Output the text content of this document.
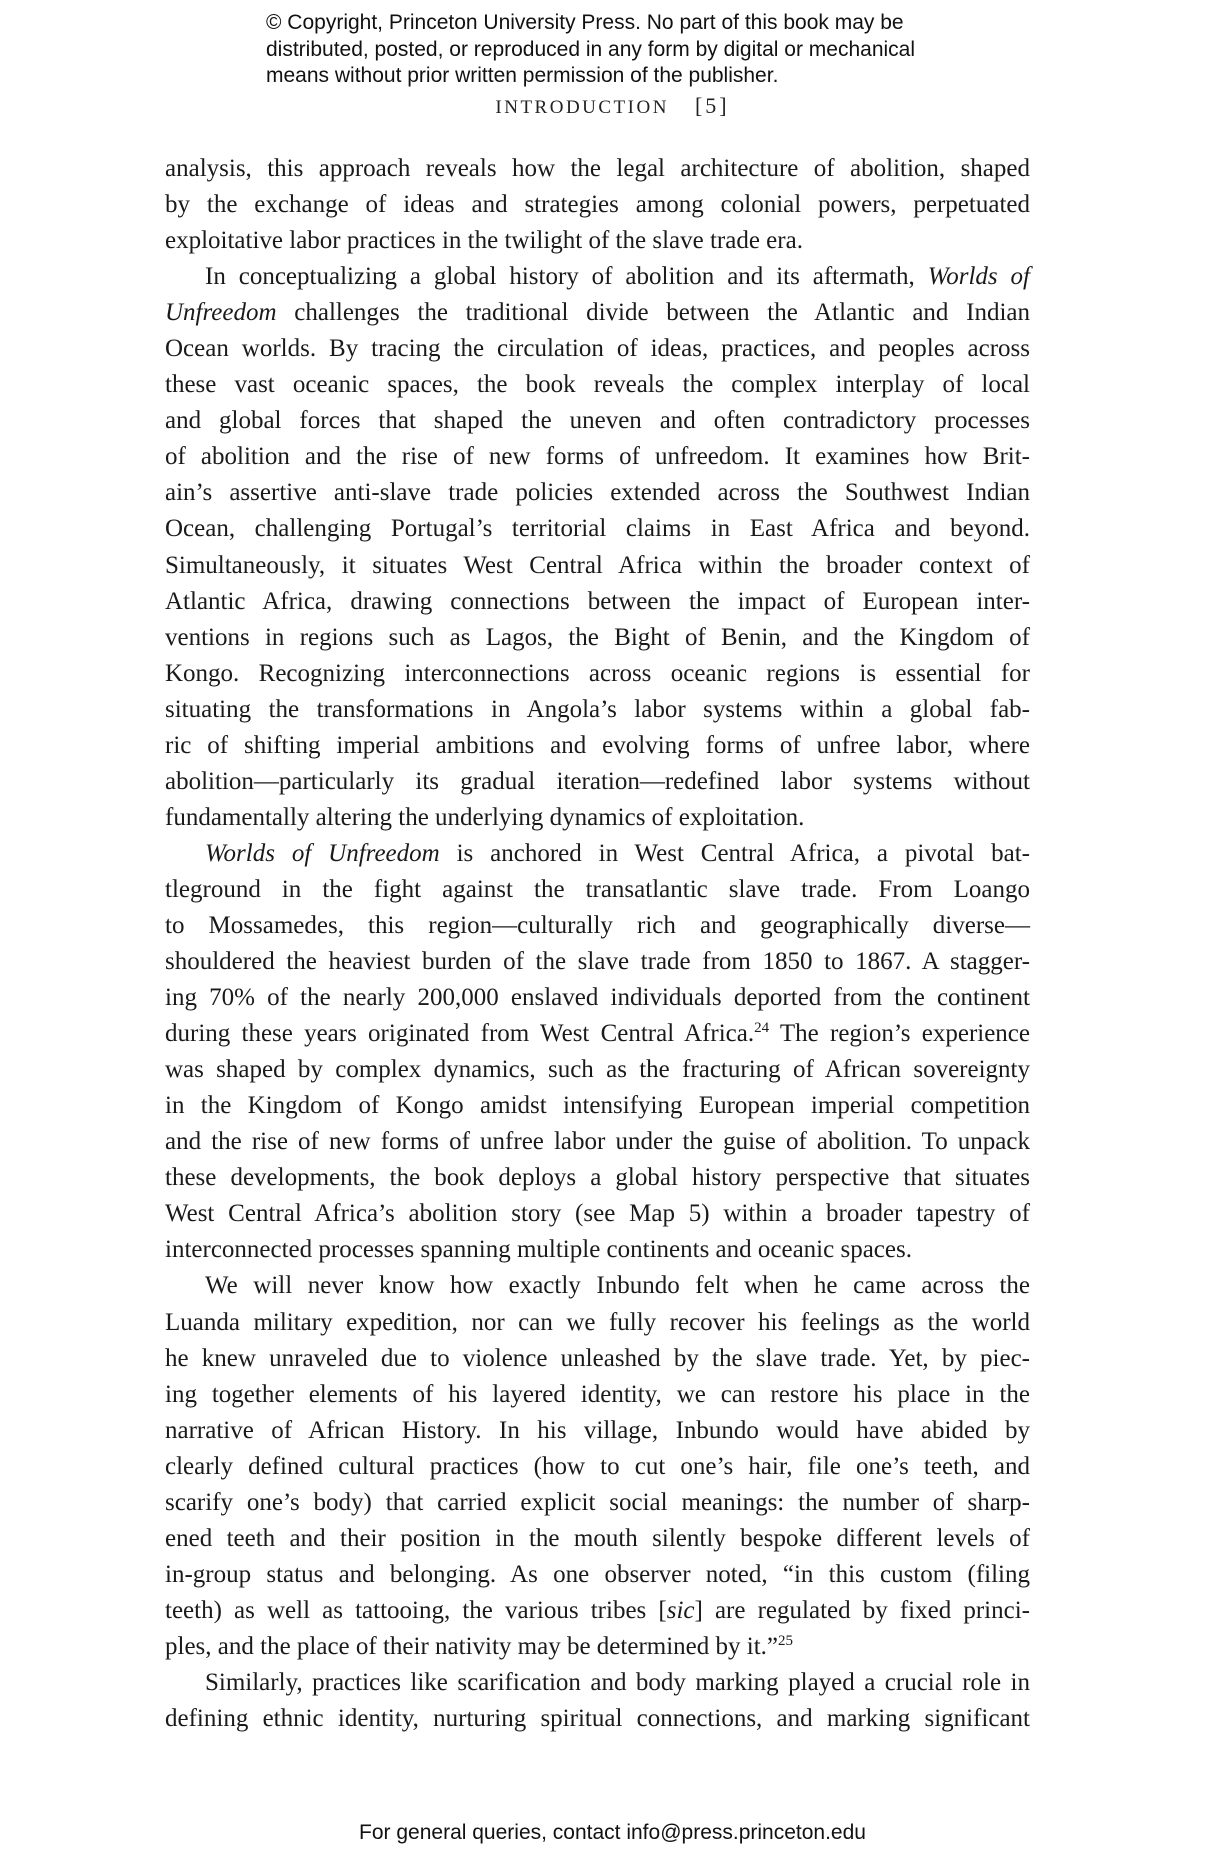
© Copyright, Princeton University Press. No part of this book may be
distributed, posted, or reproduced in any form by digital or mechanical
means without prior written permission of the publisher.
INTRODUCTION [5]
analysis, this approach reveals how the legal architecture of abolition, shaped
by the exchange of ideas and strategies among colonial powers, perpetuated
exploitative labor practices in the twilight of the slave trade era.
In conceptualizing a global history of abolition and its aftermath, Worlds of
Unfreedom challenges the traditional divide between the Atlantic and Indian
Ocean worlds. By tracing the circulation of ideas, practices, and peoples across
these vast oceanic spaces, the book reveals the complex interplay of local
and global forces that shaped the uneven and often contradictory processes
of abolition and the rise of new forms of unfreedom. It examines how Brit-
ain’s assertive anti-slave trade policies extended across the Southwest Indian
Ocean, challenging Portugal’s territorial claims in East Africa and beyond.
Simultaneously, it situates West Central Africa within the broader context of
Atlantic Africa, drawing connections between the impact of European inter-
ventions in regions such as Lagos, the Bight of Benin, and the Kingdom of
Kongo. Recognizing interconnections across oceanic regions is essential for
situating the transformations in Angola’s labor systems within a global fab-
ric of shifting imperial ambitions and evolving forms of unfree labor, where
abolition—particularly its gradual iteration—redefined labor systems without
fundamentally altering the underlying dynamics of exploitation.
Worlds of Unfreedom is anchored in West Central Africa, a pivotal bat-
tleground in the fight against the transatlantic slave trade. From Loango
to Mossamedes, this region—culturally rich and geographically diverse—
shouldered the heaviest burden of the slave trade from 1850 to 1867. A stagger-
ing 70% of the nearly 200,000 enslaved individuals deported from the continent
during these years originated from West Central Africa.$^{24}$ The region’s experience
was shaped by complex dynamics, such as the fracturing of African sovereignty
in the Kingdom of Kongo amidst intensifying European imperial competition
and the rise of new forms of unfree labor under the guise of abolition. To unpack
these developments, the book deploys a global history perspective that situates
West Central Africa’s abolition story (see Map 5) within a broader tapestry of
interconnected processes spanning multiple continents and oceanic spaces.
We will never know how exactly Inbundo felt when he came across the
Luanda military expedition, nor can we fully recover his feelings as the world
he knew unraveled due to violence unleashed by the slave trade. Yet, by piec-
ing together elements of his layered identity, we can restore his place in the
narrative of African History. In his village, Inbundo would have abided by
clearly defined cultural practices (how to cut one’s hair, file one’s teeth, and
scarify one’s body) that carried explicit social meanings: the number of sharp-
ened teeth and their position in the mouth silently bespoke different levels of
in-group status and belonging. As one observer noted, “in this custom (filing
teeth) as well as tattooing, the various tribes [sic] are regulated by fixed princi-
ples, and the place of their nativity may be determined by it.”$^{25}$
Similarly, practices like scarification and body marking played a crucial role in
defining ethnic identity, nurturing spiritual connections, and marking significant
For general queries, contact info@press.princeton.edu
